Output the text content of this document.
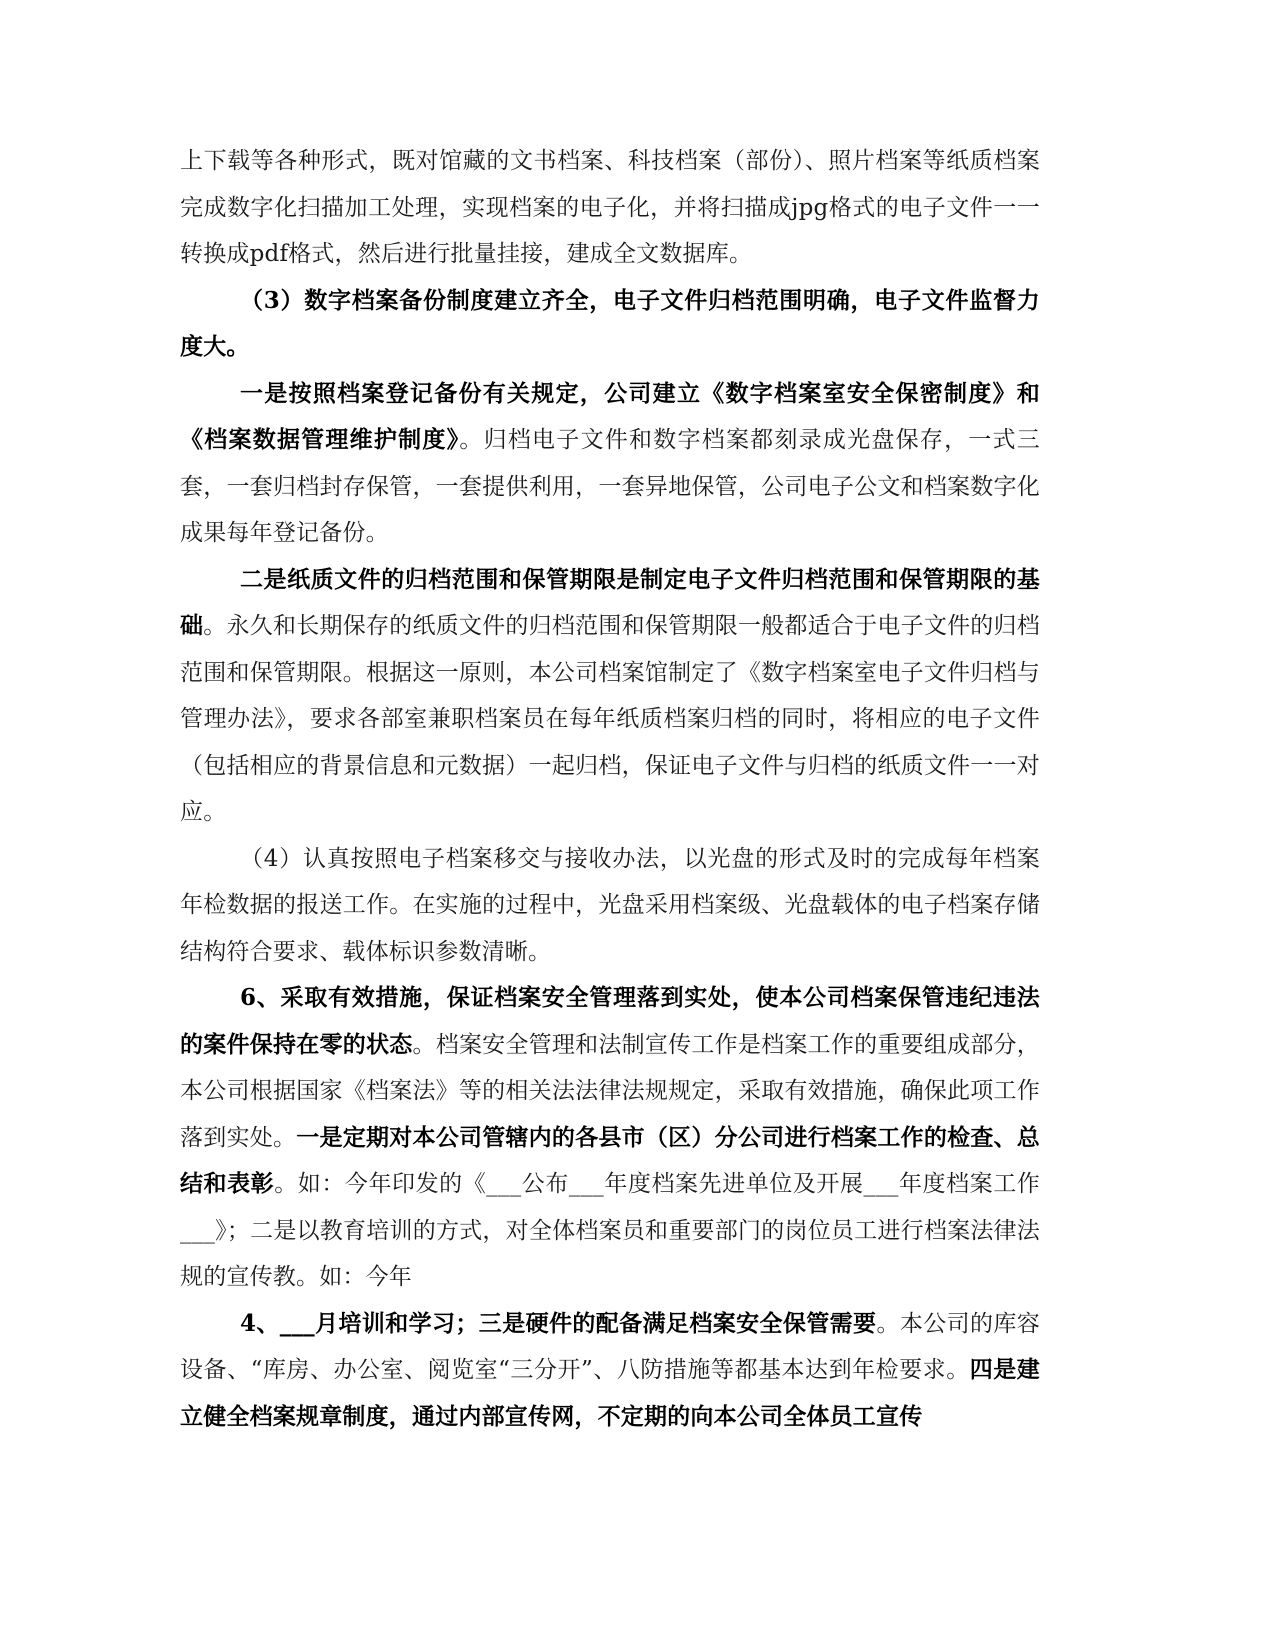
上下载等各种形式，既对馆藏的文书档案、科技档案（部份）、照片档案等纸质档案完成数字化扫描加工处理，实现档案的电子化，并将扫描成jpg格式的电子文件一一转换成pdf格式，然后进行批量挂接，建成全文数据库。

（3）数字档案备份制度建立齐全，电子文件归档范围明确，电子文件监督力度大。

一是按照档案登记备份有关规定，公司建立《数字档案室安全保密制度》和《档案数据管理维护制度》。归档电子文件和数字档案都刻录成光盘保存，一式三套，一套归档封存保管，一套提供利用，一套异地保管，公司电子公文和档案数字化成果每年登记备份。

二是纸质文件的归档范围和保管期限是制定电子文件归档范围和保管期限的基础。永久和长期保存的纸质文件的归档范围和保管期限一般都适合于电子文件的归档范围和保管期限。根据这一原则，本公司档案馆制定了《数字档案室电子文件归档与管理办法》，要求各部室兼职档案员在每年纸质档案归档的同时，将相应的电子文件（包括相应的背景信息和元数据）一起归档，保证电子文件与归档的纸质文件一一对应。

（4）认真按照电子档案移交与接收办法，以光盘的形式及时的完成每年档案年检数据的报送工作。在实施的过程中，光盘采用档案级、光盘载体的电子档案存储结构符合要求、载体标识参数清晰。

6、采取有效措施，保证档案安全管理落到实处，使本公司档案保管违纪违法的案件保持在零的状态。档案安全管理和法制宣传工作是档案工作的重要组成部分，本公司根据国家《档案法》等的相关法法律法规规定，采取有效措施，确保此项工作落到实处。一是定期对本公司管辖内的各县市（区）分公司进行档案工作的检查、总结和表彰。如：今年印发的《___公布___年度档案先进单位及开展___年度档案工作___》；二是以教育培训的方式，对全体档案员和重要部门的岗位员工进行档案法律法规的宣传教。如：今年

4、___月培训和学习；三是硬件的配备满足档案安全保管需要。本公司的库容设备、“库房、办公室、阅览室“三分开”、八防措施等都基本达到年检要求。四是建立健全档案规章制度，通过内部宣传网，不定期的向本公司全体员工宣传
